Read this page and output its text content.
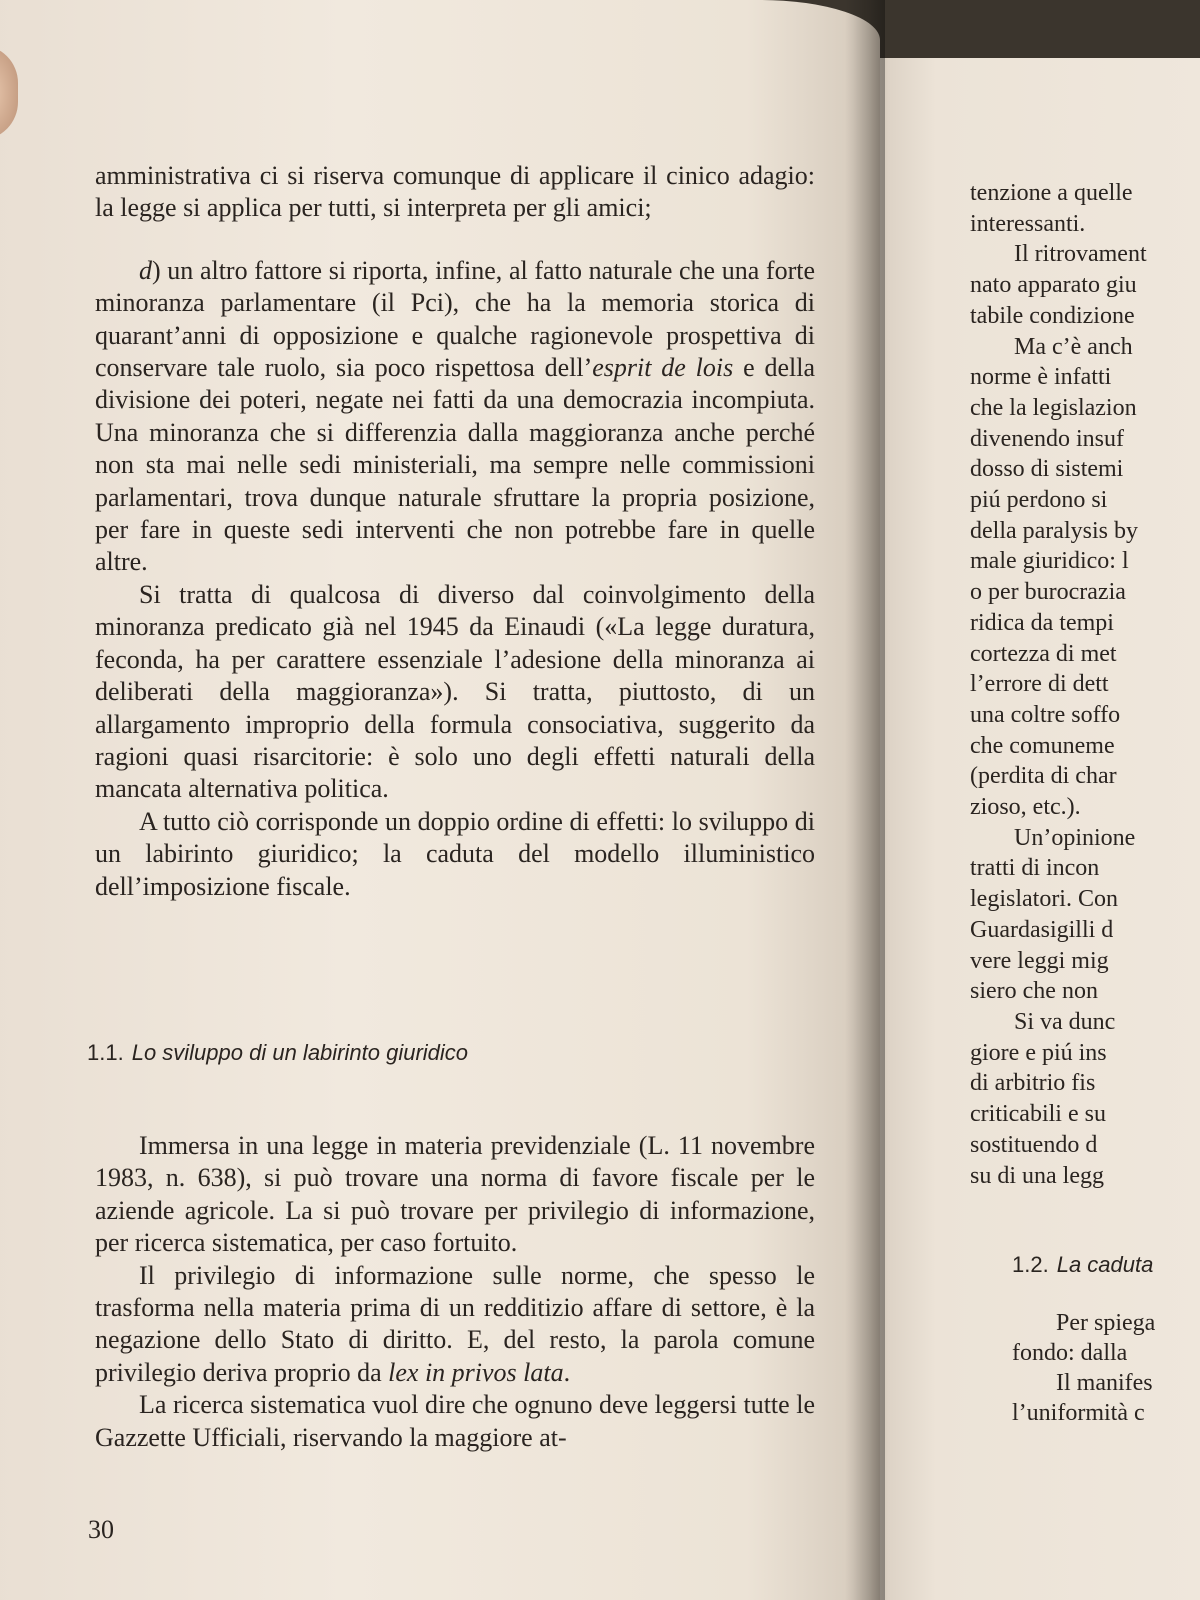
amministrativa ci si riserva comunque di applicare il cinico adagio: la legge si applica per tutti, si interpreta per gli amici;

d) un altro fattore si riporta, infine, al fatto naturale che una forte minoranza parlamentare (il Pci), che ha la memoria storica di quarant’anni di opposizione e qualche ragionevole prospettiva di conservare tale ruolo, sia poco rispettosa dell’esprit de lois e della divisione dei poteri, negate nei fatti da una democrazia incompiuta. Una minoranza che si differenzia dalla maggioranza anche perché non sta mai nelle sedi ministeriali, ma sempre nelle commissioni parlamentari, trova dunque naturale sfruttare la propria posizione, per fare in queste sedi interventi che non potrebbe fare in quelle altre.

Si tratta di qualcosa di diverso dal coinvolgimento della minoranza predicato già nel 1945 da Einaudi («La legge duratura, feconda, ha per carattere essenziale l’adesione della minoranza ai deliberati della maggioranza»). Si tratta, piuttosto, di un allargamento improprio della formula consociativa, suggerito da ragioni quasi risarcitorie: è solo uno degli effetti naturali della mancata alternativa politica.

A tutto ciò corrisponde un doppio ordine di effetti: lo sviluppo di un labirinto giuridico; la caduta del modello illuministico dell’imposizione fiscale.

1.1. Lo sviluppo di un labirinto giuridico

Immersa in una legge in materia previdenziale (L. 11 novembre 1983, n. 638), si può trovare una norma di favore fiscale per le aziende agricole. La si può trovare per privilegio di informazione, per ricerca sistematica, per caso fortuito.

Il privilegio di informazione sulle norme, che spesso le trasforma nella materia prima di un redditizio affare di settore, è la negazione dello Stato di diritto. E, del resto, la parola comune privilegio deriva proprio da lex in privos lata.

La ricerca sistematica vuol dire che ognuno deve leggersi tutte le Gazzette Ufficiali, riservando la maggiore at-

30

tenzione a quelle

interessanti.

Il ritrovament

nato apparato giu

tabile condizione

Ma c’è anch

norme è infatti

che la legislazion

divenendo insuf

dosso di sistemi

piú perdono si

della paralysis by

male giuridico: l

o per burocrazia

ridica da tempi

cortezza di met

l’errore di dett

una coltre soffo

che comuneme

(perdita di char

zioso, etc.).

Un’opinione

tratti di incon

legislatori. Con

Guardasigilli d

vere leggi mig

siero che non

Si va dunc

giore e piú ins

di arbitrio fis

criticabili e su

sostituendo d

su di una legg

1.2. La caduta

Per spiega

fondo: dalla

Il manifes

l’uniformità c
